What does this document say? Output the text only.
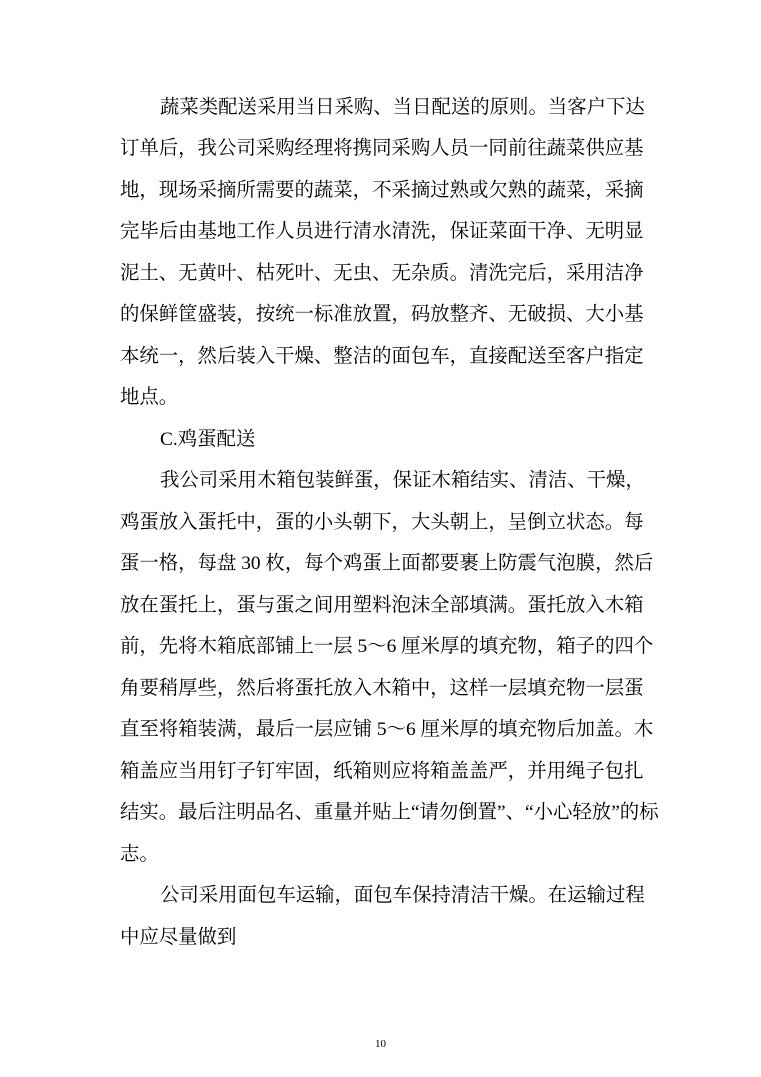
蔬菜类配送采用当日采购、当日配送的原则。当客户下达
订单后，我公司采购经理将携同采购人员一同前往蔬菜供应基
地，现场采摘所需要的蔬菜，不采摘过熟或欠熟的蔬菜，采摘
完毕后由基地工作人员进行清水清洗，保证菜面干净、无明显
泥土、无黄叶、枯死叶、无虫、无杂质。清洗完后，采用洁净
的保鲜筐盛装，按统一标准放置，码放整齐、无破损、大小基
本统一，然后装入干燥、整洁的面包车，直接配送至客户指定
地点。
C.鸡蛋配送
我公司采用木箱包装鲜蛋，保证木箱结实、清洁、干燥，
鸡蛋放入蛋托中，蛋的小头朝下，大头朝上，呈倒立状态。每
蛋一格，每盘 30 枚，每个鸡蛋上面都要裹上防震气泡膜，然后
放在蛋托上，蛋与蛋之间用塑料泡沫全部填满。蛋托放入木箱
前，先将木箱底部铺上一层 5～6 厘米厚的填充物，箱子的四个
角要稍厚些，然后将蛋托放入木箱中，这样一层填充物一层蛋
直至将箱装满，最后一层应铺 5～6 厘米厚的填充物后加盖。木
箱盖应当用钉子钉牢固，纸箱则应将箱盖盖严，并用绳子包扎
结实。最后注明品名、重量并贴上“请勿倒置”、“小心轻放”的标
志。
公司采用面包车运输，面包车保持清洁干燥。在运输过程
中应尽量做到
10
